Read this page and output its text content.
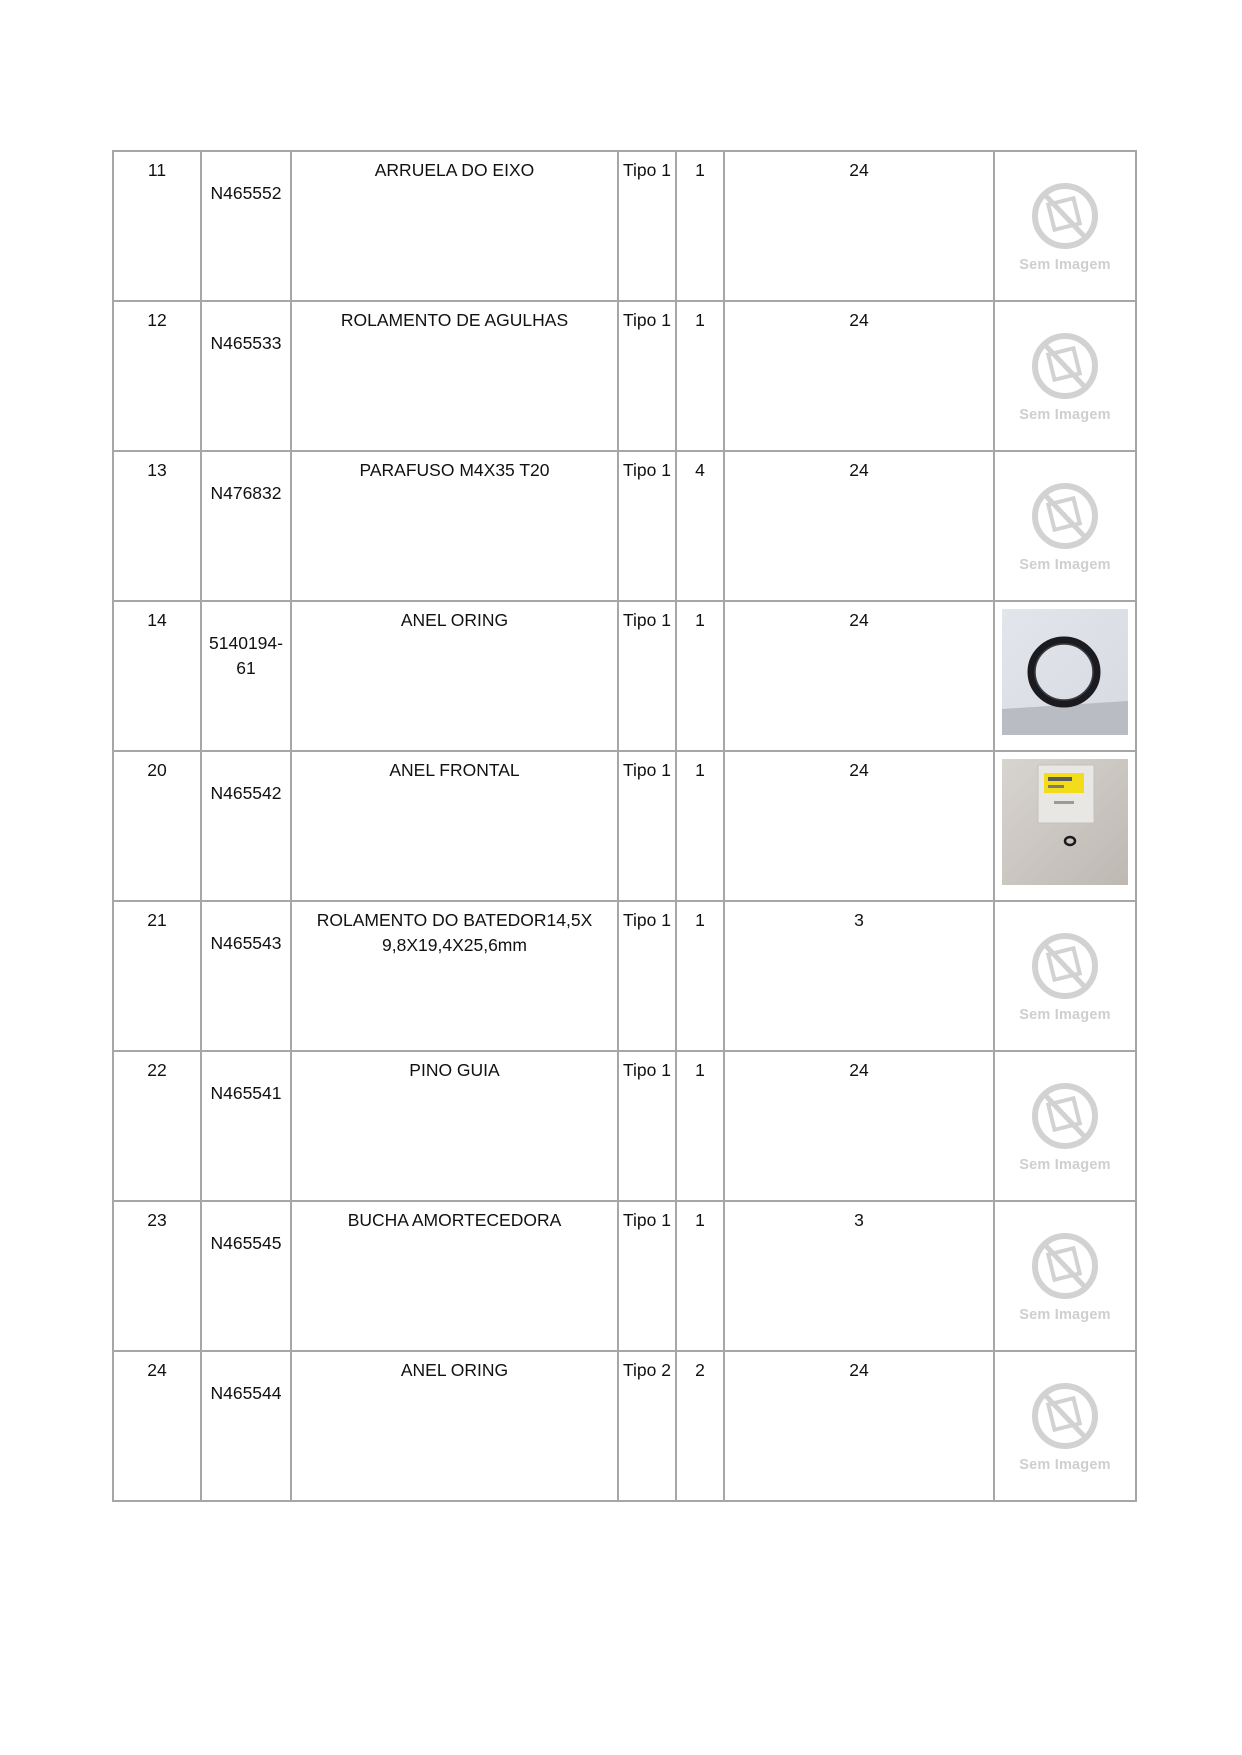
11	N465552	ARRUELA DO EIXO	Tipo 1	1	24	Sem Imagem

12	N465533	ROLAMENTO DE AGULHAS	Tipo 1	1	24	Sem Imagem

13	N476832	PARAFUSO M4X35 T20	Tipo 1	4	24	Sem Imagem

14	5140194-61	ANEL ORING	Tipo 1	1	24

20	N465542	ANEL FRONTAL	Tipo 1	1	24

21	N465543	ROLAMENTO DO BATEDOR14,5X 9,8X19,4X25,6mm	Tipo 1	1	3	Sem Imagem

22	N465541	PINO GUIA	Tipo 1	1	24	Sem Imagem

23	N465545	BUCHA AMORTECEDORA	Tipo 1	1	3	Sem Imagem

24	N465544	ANEL ORING	Tipo 2	2	24	Sem Imagem
